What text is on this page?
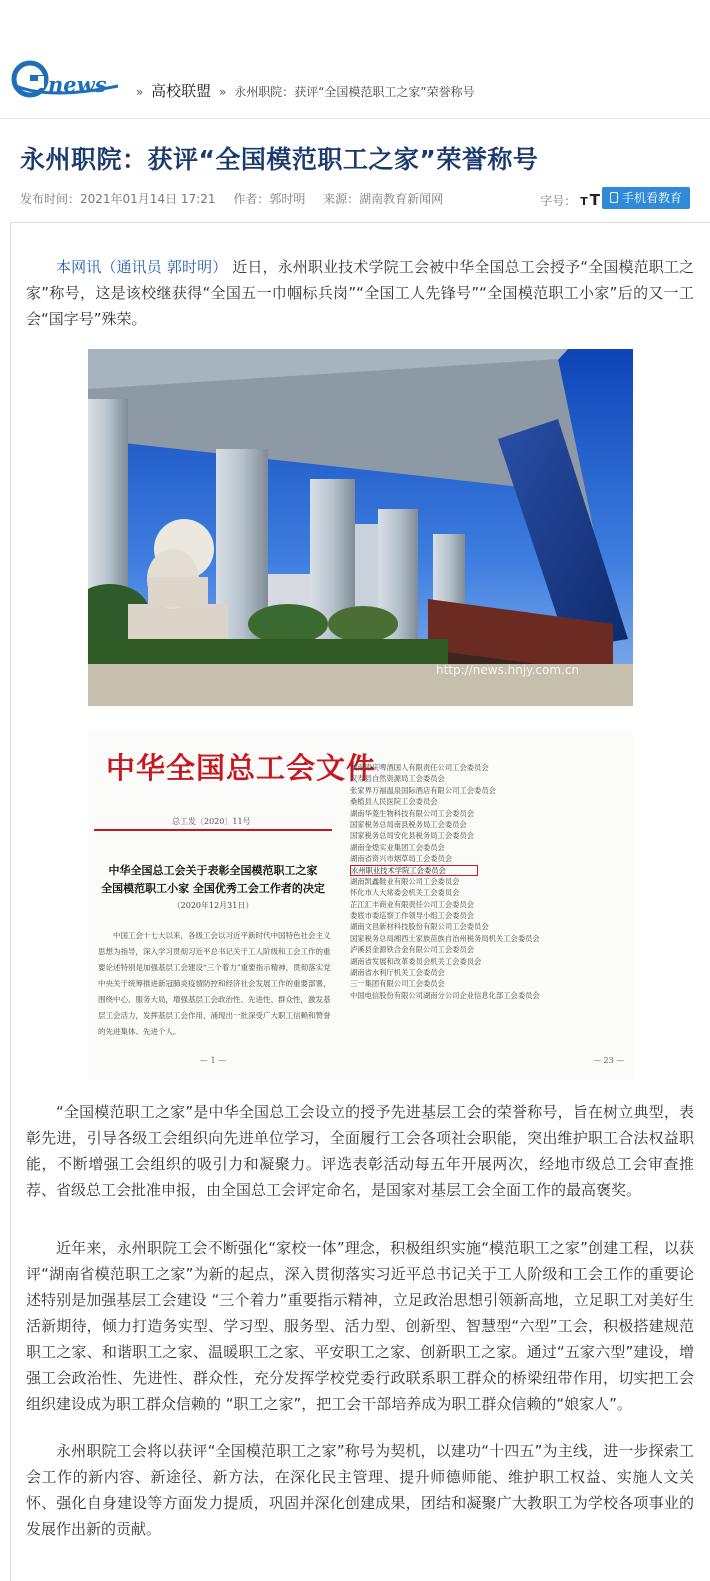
news	» 高校联盟 » 永州职院：获评“全国模范职工之家”荣誉称号
永州职院：获评“全国模范职工之家”荣誉称号
发布时间：2021年01月14日 17:21 作者：郭时明 来源：湖南教育新闻网	字号： T T	手机看教育

本网讯（通讯员 郭时明） 近日，永州职业技术学院工会被中华全国总工会授予“全国模范职工之家”称号，这是该校继获得“全国五一巾帼标兵岗”“全国工人先锋号”“全国模范职工小家”后的又一工会“国字号”殊荣。

http://news.hnjy.com.cn
中华全国总工会文件
总工发〔2020〕11号
中华全国总工会关于表彰全国模范职工之家
全国模范职工小家 全国优秀工会工作者的决定
（2020年12月31日）
中国工会十七大以来，各级工会以习近平新时代中国特色社会主义思想为指导，深入学习贯彻习近平总书记关于工人阶级和工会工作的重要论述特别是加强基层工会建设“三个着力”重要指示精神，贯彻落实党中央关于统筹推进新冠肺炎疫情防控和经济社会发展工作的重要部署，围绕中心、服务大局，增强基层工会政治性、先进性、群众性，激发基层工会活力，发挥基层工会作用，涌现出一批深受广大职工信赖和赞誉的先进集体、先进个人。
— 1 —
湖南索庆啤酒国人有限责任公司工会委员会
汉寿县自然资源局工会委员会
张家界万福温泉国际酒店有限公司工会委员会
桑植县人民医院工会委员会
湖南华菱生物科技有限公司工会委员会
国家税务总局南县税务局工会委员会
国家税务总局安化县税务局工会委员会
湖南金煌实业集团工会委员会
湖南省资兴市烟草局工会委员会
永州职业技术学院工会委员会
湖南凯鑫鞋业有限公司工会委员会
怀化市人大常委会机关工会委员会
芷江汇丰商业有限责任公司工会委员会
娄底市委巡察工作领导小组工会委员会
湖南文昌新材科技股份有限公司工会委员会
国家税务总局湘西土家族苗族自治州税务局机关工会委员会
泸溪县金源铁合金有限公司工会委员会
湖南省发展和改革委员会机关工会委员会
湖南省水利厅机关工会委员会
三一集团有限公司工会委员会
中国电信股份有限公司湖南分公司企业信息化部工会委员会
— 23 —

“全国模范职工之家”是中华全国总工会设立的授予先进基层工会的荣誉称号，旨在树立典型，表彰先进，引导各级工会组织向先进单位学习，全面履行工会各项社会职能，突出维护职工合法权益职能，不断增强工会组织的吸引力和凝聚力。评选表彰活动每五年开展两次，经地市级总工会审查推荐、省级总工会批准申报，由全国总工会评定命名，是国家对基层工会全面工作的最高褒奖。

近年来，永州职院工会不断强化“家校一体”理念，积极组织实施“模范职工之家”创建工程，以获评“湖南省模范职工之家”为新的起点，深入贯彻落实习近平总书记关于工人阶级和工会工作的重要论述特别是加强基层工会建设 “三个着力”重要指示精神，立足政治思想引领新高地，立足职工对美好生活新期待，倾力打造务实型、学习型、服务型、活力型、创新型、智慧型“六型”工会，积极搭建规范职工之家、和谐职工之家、温暖职工之家、平安职工之家、创新职工之家。通过“五家六型”建设，增强工会政治性、先进性、群众性，充分发挥学校党委行政联系职工群众的桥梁纽带作用，切实把工会组织建设成为职工群众信赖的 “职工之家”，把工会干部培养成为职工群众信赖的“娘家人”。

永州职院工会将以获评“全国模范职工之家”称号为契机，以建功“十四五”为主线，进一步探索工会工作的新内容、新途径、新方法，在深化民主管理、提升师德师能、维护职工权益、实施人文关怀、强化自身建设等方面发力提质，巩固并深化创建成果，团结和凝聚广大教职工为学校各项事业的发展作出新的贡献。
